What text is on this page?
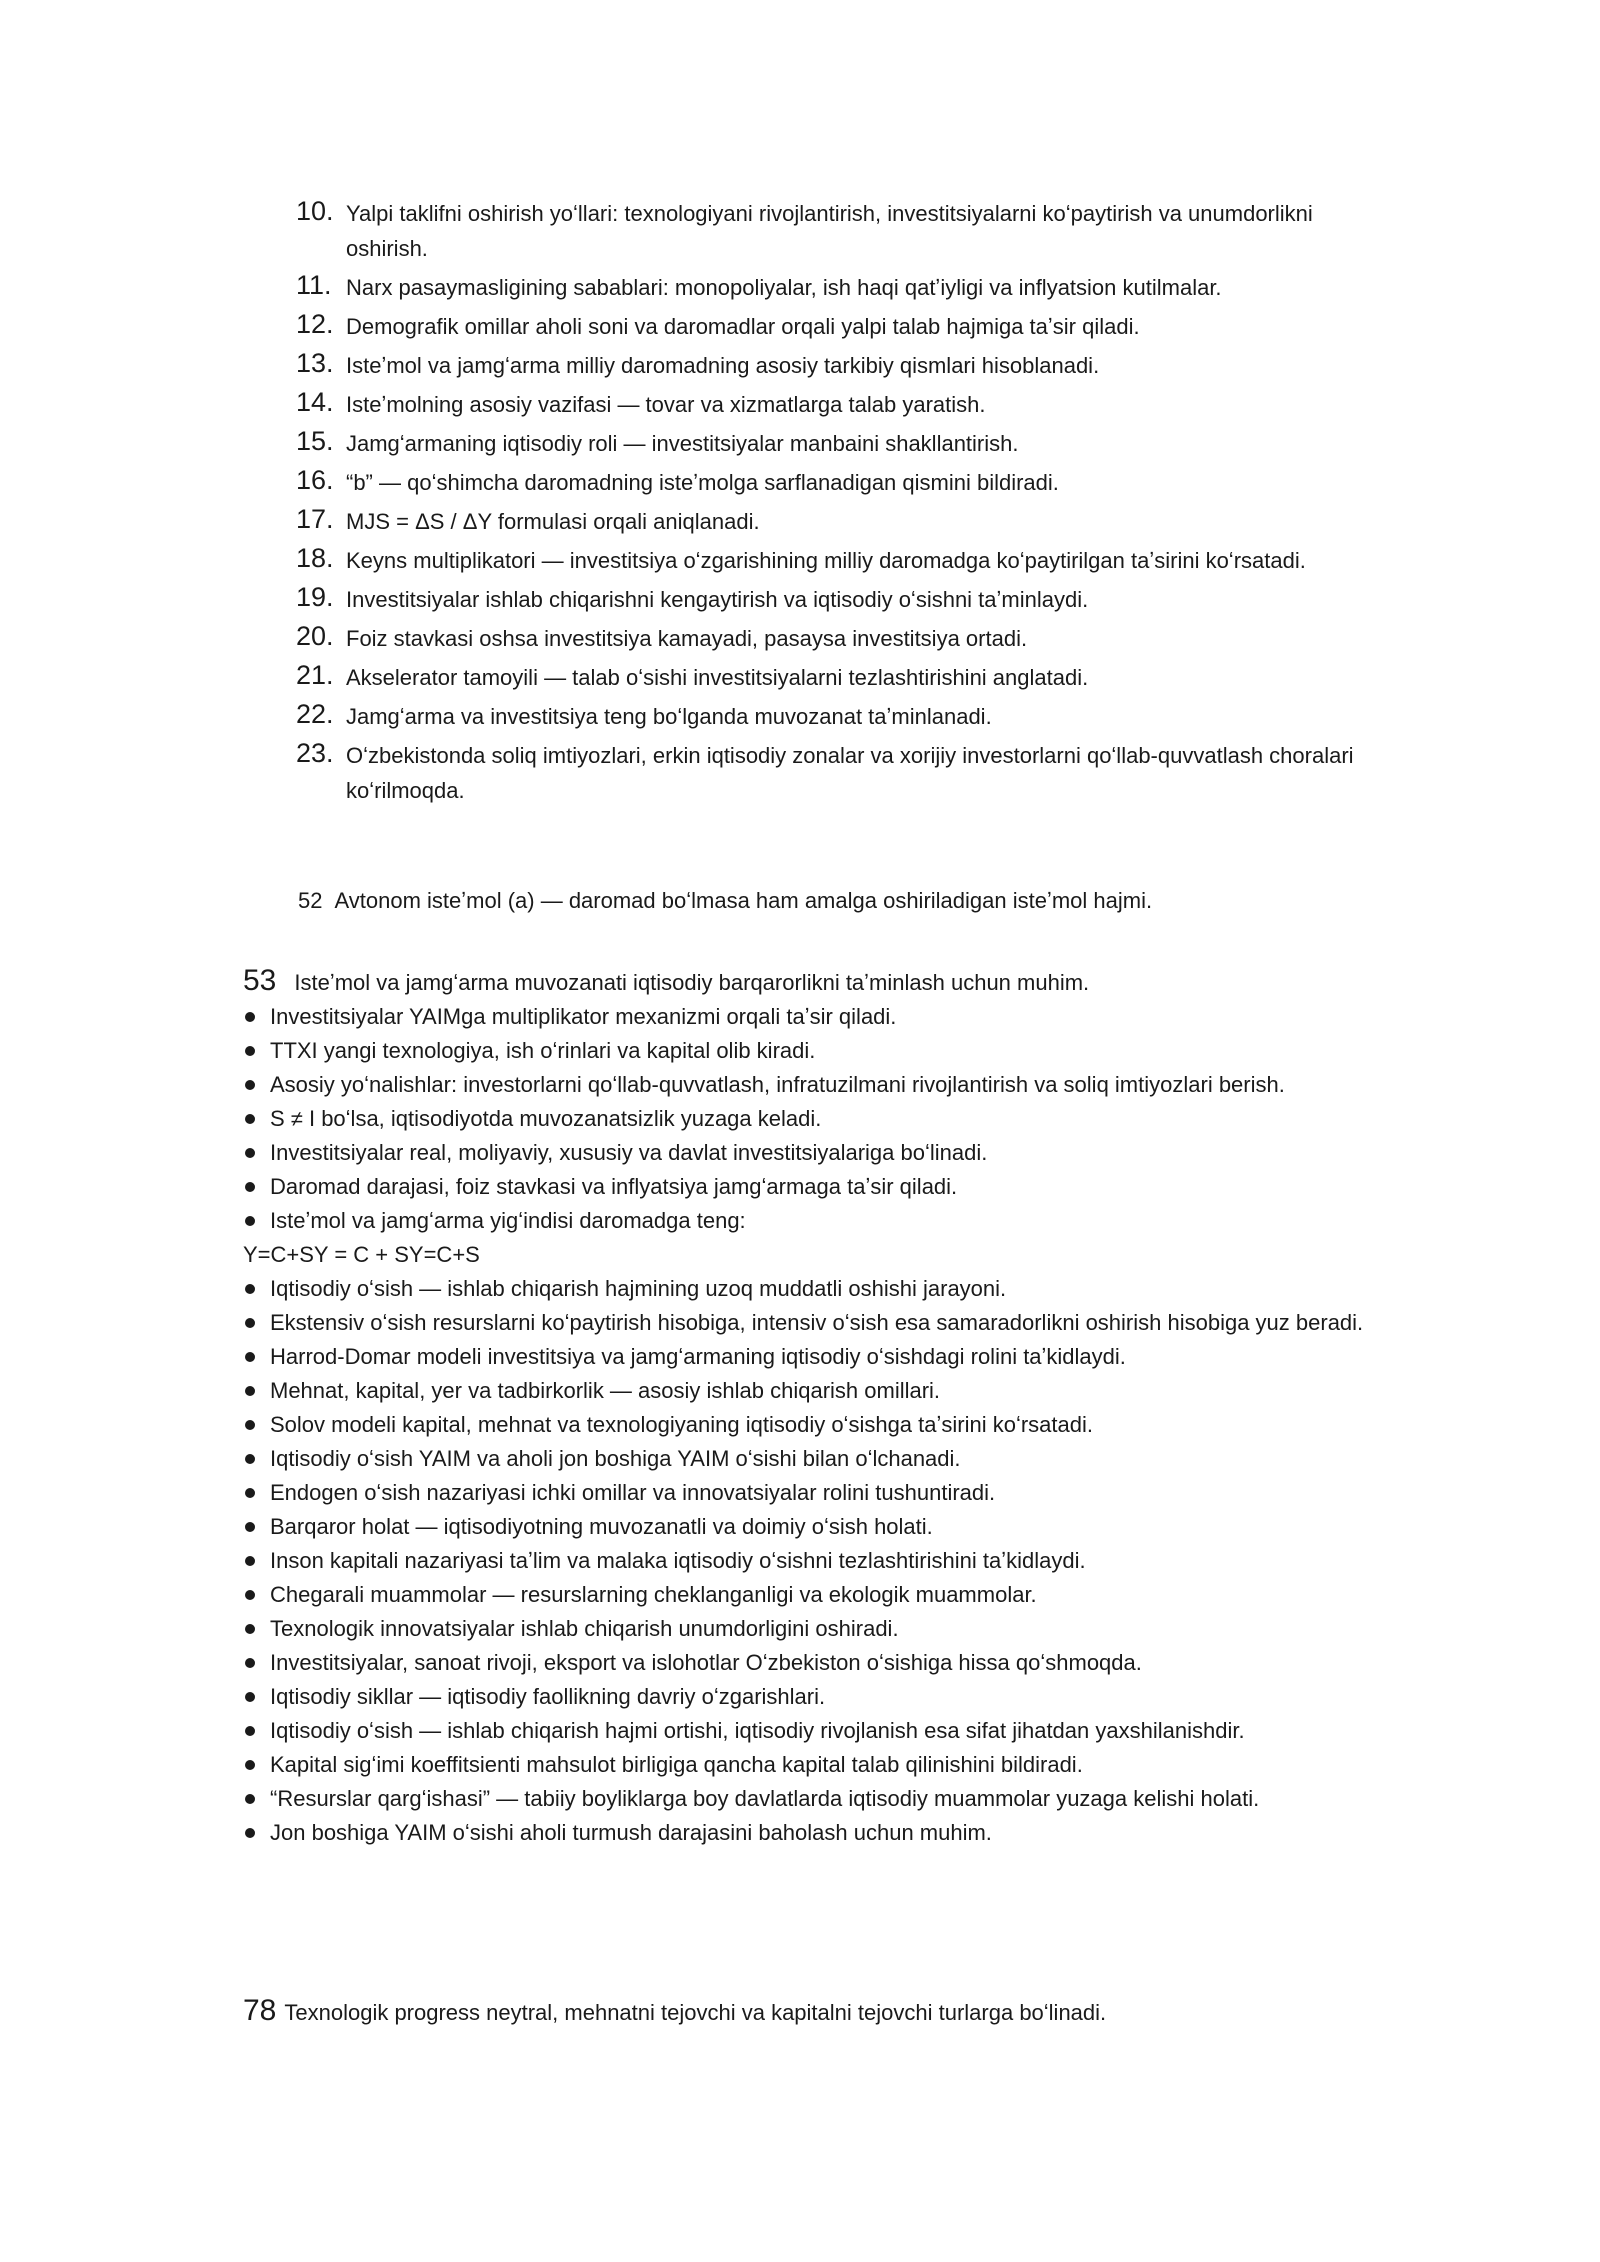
10. Yalpi taklifni oshirish yoʻllari: texnologiyani rivojlantirish, investitsiyalarni koʻpaytirish va unumdorlikni oshirish.
11. Narx pasaymasligining sabablari: monopoliyalar, ish haqi qatʼiyligi va inflyatsion kutilmalar.
12. Demografik omillar aholi soni va daromadlar orqali yalpi talab hajmiga taʼsir qiladi.
13. Isteʼmol va jamgʻarma milliy daromadning asosiy tarkibiy qismlari hisoblanadi.
14. Isteʼmolning asosiy vazifasi — tovar va xizmatlarga talab yaratish.
15. Jamgʻarmaning iqtisodiy roli — investitsiyalar manbaini shakllantirish.
16. “b” — qoʻshimcha daromadning isteʼmolga sarflanadigan qismini bildiradi.
17. MJS = ΔS / ΔY formulasi orqali aniqlanadi.
18. Keyns multiplikatori — investitsiya oʻzgarishining milliy daromadga koʻpaytirilgan taʼsirini koʻrsatadi.
19. Investitsiyalar ishlab chiqarishni kengaytirish va iqtisodiy oʻsishni taʼminlaydi.
20. Foiz stavkasi oshsa investitsiya kamayadi, pasaysa investitsiya ortadi.
21. Akselerator tamoyili — talab oʻsishi investitsiyalarni tezlashtirishini anglatadi.
22. Jamgʻarma va investitsiya teng boʻlganda muvozanat taʼminlanadi.
23. Oʻzbekistonda soliq imtiyozlari, erkin iqtisodiy zonalar va xorijiy investorlarni qoʻllab-quvvatlash choralari koʻrilmoqda.
52 Avtonom isteʼmol (a) — daromad boʻlmasa ham amalga oshiriladigan isteʼmol hajmi.
53 Isteʼmol va jamgʻarma muvozanati iqtisodiy barqarorlikni taʼminlash uchun muhim.
Investitsiyalar YAIMga multiplikator mexanizmi orqali taʼsir qiladi.
TTXI yangi texnologiya, ish oʻrinlari va kapital olib kiradi.
Asosiy yoʻnalishlar: investorlarni qoʻllab-quvvatlash, infratuzilmani rivojlantirish va soliq imtiyozlari berish.
S ≠ I boʻlsa, iqtisodiyotda muvozanatsizlik yuzaga keladi.
Investitsiyalar real, moliyaviy, xususiy va davlat investitsiyalariga boʻlinadi.
Daromad darajasi, foiz stavkasi va inflyatsiya jamgʻarmaga taʼsir qiladi.
Isteʼmol va jamgʻarma yigʻindisi daromadga teng:
Y=C+SY = C + SY=C+S
Iqtisodiy oʻsish — ishlab chiqarish hajmining uzoq muddatli oshishi jarayoni.
Ekstensiv oʻsish resurslarni koʻpaytirish hisobiga, intensiv oʻsish esa samaradorlikni oshirish hisobiga yuz beradi.
Harrod-Domar modeli investitsiya va jamgʻarmaning iqtisodiy oʻsishdagi rolini taʼkidlaydi.
Mehnat, kapital, yer va tadbirkorlik — asosiy ishlab chiqarish omillari.
Solov modeli kapital, mehnat va texnologiyaning iqtisodiy oʻsishga taʼsirini koʻrsatadi.
Iqtisodiy oʻsish YAIM va aholi jon boshiga YAIM oʻsishi bilan oʻlchanadi.
Endogen oʻsish nazariyasi ichki omillar va innovatsiyalar rolini tushuntiradi.
Barqaror holat — iqtisodiyotning muvozanatli va doimiy oʻsish holati.
Inson kapitali nazariyasi taʼlim va malaka iqtisodiy oʻsishni tezlashtirishini taʼkidlaydi.
Chegarali muammolar — resurslarning cheklanganligi va ekologik muammolar.
Texnologik innovatsiyalar ishlab chiqarish unumdorligini oshiradi.
Investitsiyalar, sanoat rivoji, eksport va islohotlar Oʻzbekiston oʻsishiga hissa qoʻshmoqda.
Iqtisodiy sikllar — iqtisodiy faollikning davriy oʻzgarishlari.
Iqtisodiy oʻsish — ishlab chiqarish hajmi ortishi, iqtisodiy rivojlanish esa sifat jihatdan yaxshilanishdir.
Kapital sigʻimi koeffitsienti mahsulot birligiga qancha kapital talab qilinishini bildiradi.
“Resurslar qargʻishasi” — tabiiy boyliklarga boy davlatlarda iqtisodiy muammolar yuzaga kelishi holati.
Jon boshiga YAIM oʻsishi aholi turmush darajasini baholash uchun muhim.
78 Texnologik progress neytral, mehnatni tejovchi va kapitalni tejovchi turlarga boʻlinadi.
